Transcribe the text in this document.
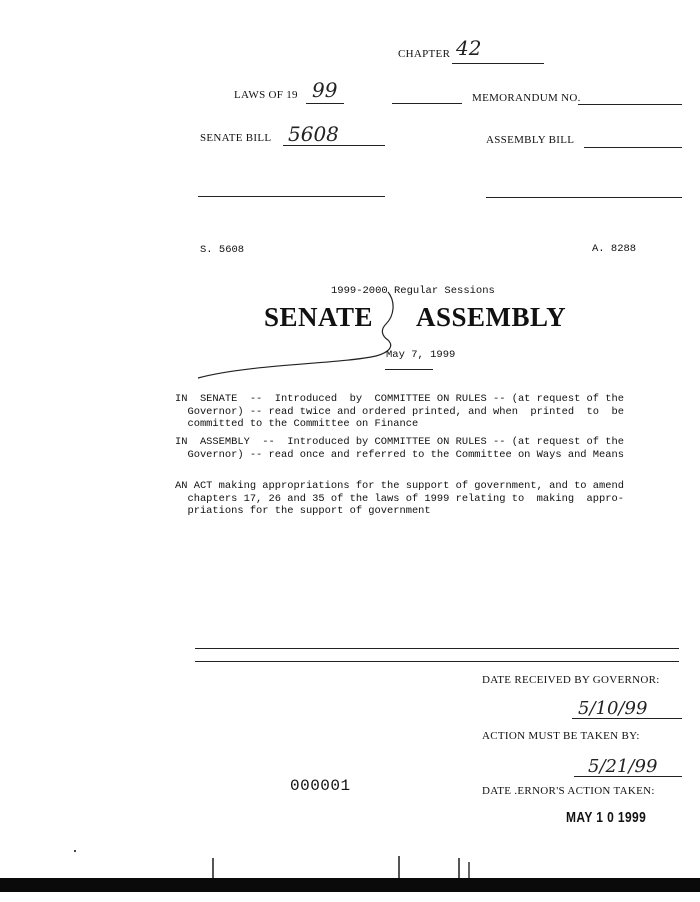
CHAPTER 42
LAWS OF 19 99	MEMORANDUM NO.
SENATE BILL 5608	ASSEMBLY BILL
S. 5608	A. 8288
1999-2000 Regular Sessions
SENATE ASSEMBLY
May 7, 1999
IN  SENATE  --  Introduced  by  COMMITTEE ON RULES -- (at request of the
Governor) -- read twice and ordered printed, and when  printed  to  be
committed to the Committee on Finance
IN  ASSEMBLY  --  Introduced by COMMITTEE ON RULES -- (at request of the
Governor) -- read once and referred to the Committee on Ways and Means
AN ACT making appropriations for the support of government, and to amend
chapters 17, 26 and 35 of the laws of 1999 relating to  making  appro-
priations for the support of government
DATE RECEIVED BY GOVERNOR:
5/10/99
ACTION MUST BE TAKEN BY:
5/21/99
000001	DATE .ERNOR'S ACTION TAKEN:
MAY 1 0 1999
